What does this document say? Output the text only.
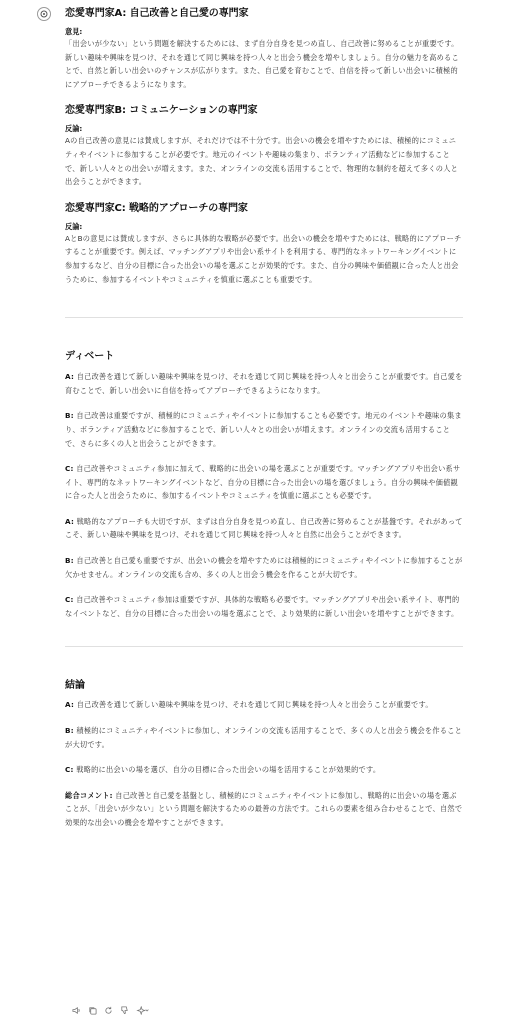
恋愛専門家A: 自己改善と自己愛の専門家
意見:

「出会いが少ない」という問題を解決するためには、まず自分自身を見つめ直し、自己改善に努めることが重要です。新しい趣味や興味を見つけ、それを通じて同じ興味を持つ人々と出会う機会を増やしましょう。自分の魅力を高めることで、自然と新しい出会いのチャンスが広がります。また、自己愛を育むことで、自信を持って新しい出会いに積極的にアプローチできるようになります。

恋愛専門家B: コミュニケーションの専門家
反論:

Aの自己改善の意見には賛成しますが、それだけでは不十分です。出会いの機会を増やすためには、積極的にコミュニティやイベントに参加することが必要です。地元のイベントや趣味の集まり、ボランティア活動などに参加することで、新しい人々との出会いが増えます。また、オンラインの交流も活用することで、物理的な制約を超えて多くの人と出会うことができます。

恋愛専門家C: 戦略的アプローチの専門家
反論:

AとBの意見には賛成しますが、さらに具体的な戦略が必要です。出会いの機会を増やすためには、戦略的にアプローチすることが重要です。例えば、マッチングアプリや出会い系サイトを利用する、専門的なネットワーキングイベントに参加するなど、自分の目標に合った出会いの場を選ぶことが効果的です。また、自分の興味や価値観に合った人と出会うために、参加するイベントやコミュニティを慎重に選ぶことも重要です。

ディベート

A: 自己改善を通じて新しい趣味や興味を見つけ、それを通じて同じ興味を持つ人々と出会うことが重要です。自己愛を育むことで、新しい出会いに自信を持ってアプローチできるようになります。

B: 自己改善は重要ですが、積極的にコミュニティやイベントに参加することも必要です。地元のイベントや趣味の集まり、ボランティア活動などに参加することで、新しい人々との出会いが増えます。オンラインの交流も活用することで、さらに多くの人と出会うことができます。

C: 自己改善やコミュニティ参加に加えて、戦略的に出会いの場を選ぶことが重要です。マッチングアプリや出会い系サイト、専門的なネットワーキングイベントなど、自分の目標に合った出会いの場を選びましょう。自分の興味や価値観に合った人と出会うために、参加するイベントやコミュニティを慎重に選ぶことも必要です。

A: 戦略的なアプローチも大切ですが、まずは自分自身を見つめ直し、自己改善に努めることが基盤です。それがあってこそ、新しい趣味や興味を見つけ、それを通じて同じ興味を持つ人々と自然に出会うことができます。

B: 自己改善と自己愛も重要ですが、出会いの機会を増やすためには積極的にコミュニティやイベントに参加することが欠かせません。オンラインの交流も含め、多くの人と出会う機会を作ることが大切です。

C: 自己改善やコミュニティ参加は重要ですが、具体的な戦略も必要です。マッチングアプリや出会い系サイト、専門的なイベントなど、自分の目標に合った出会いの場を選ぶことで、より効果的に新しい出会いを増やすことができます。

結論

A: 自己改善を通じて新しい趣味や興味を見つけ、それを通じて同じ興味を持つ人々と出会うことが重要です。

B: 積極的にコミュニティやイベントに参加し、オンラインの交流も活用することで、多くの人と出会う機会を作ることが大切です。

C: 戦略的に出会いの場を選び、自分の目標に合った出会いの場を活用することが効果的です。

総合コメント: 自己改善と自己愛を基盤とし、積極的にコミュニティやイベントに参加し、戦略的に出会いの場を選ぶことが、「出会いが少ない」という問題を解決するための最善の方法です。これらの要素を組み合わせることで、自然で効果的な出会いの機会を増やすことができます。
